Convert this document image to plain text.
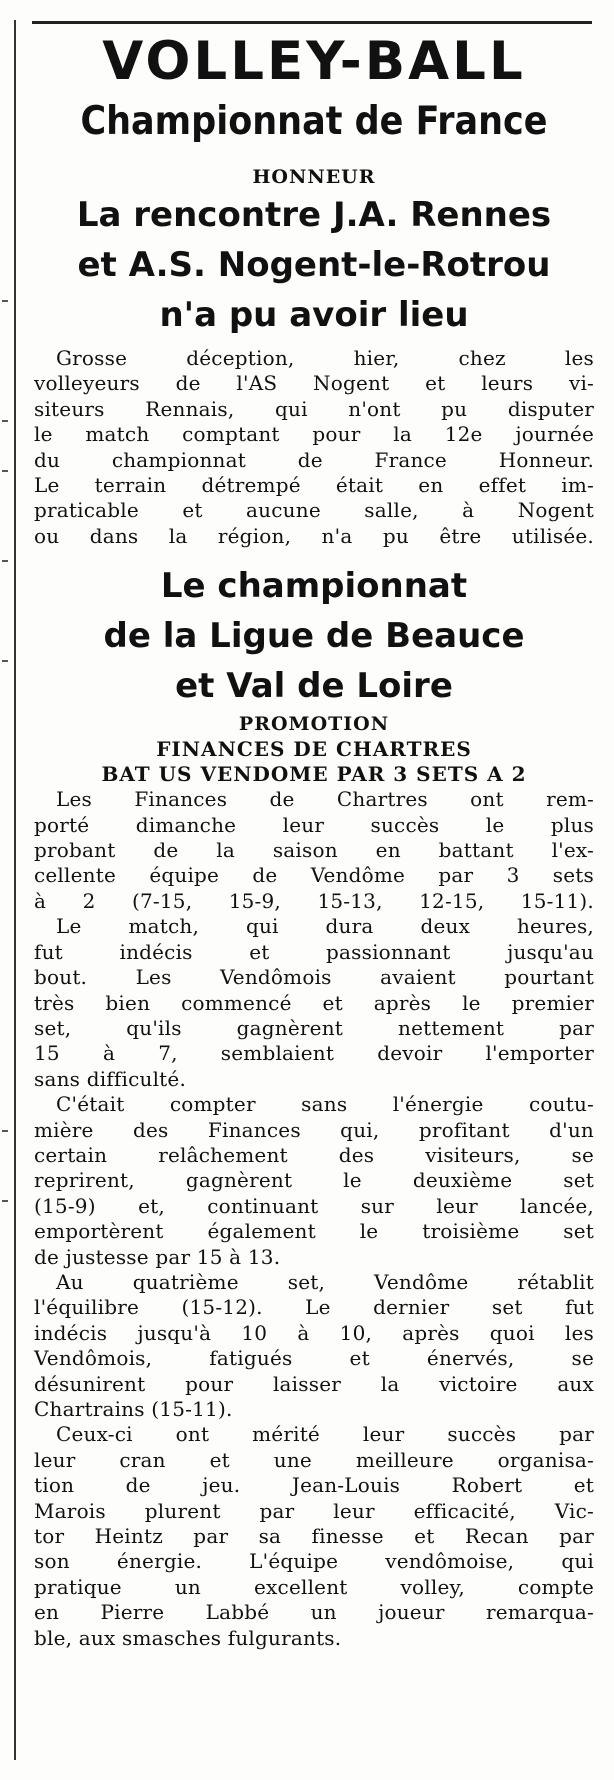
VOLLEY-BALL
Championnat de France

HONNEUR

La rencontre J.A. Rennes
et A.S. Nogent-le-Rotrou
n'a pu avoir lieu
Grosse déception, hier, chez les
volleyeurs de l'AS Nogent et leurs vi-
siteurs Rennais, qui n'ont pu disputer
le match comptant pour la 12e journée
du championnat de France Honneur.
Le terrain détrempé était en effet im-
praticable et aucune salle, à Nogent
ou dans la région, n'a pu être utilisée.
Le championnat
de la Ligue de Beauce
et Val de Loire

PROMOTION

FINANCES DE CHARTRES

BAT US VENDOME PAR 3 SETS A 2

Les Finances de Chartres ont rem-
porté dimanche leur succès le plus
probant de la saison en battant l'ex-
cellente équipe de Vendôme par 3 sets
à 2 (7-15, 15-9, 15-13, 12-15, 15-11).
Le match, qui dura deux heures,
fut indécis et passionnant jusqu'au
bout. Les Vendômois avaient pourtant
très bien commencé et après le premier
set, qu'ils gagnèrent nettement par
15 à 7, semblaient devoir l'emporter
sans difficulté.
C'était compter sans l'énergie coutu-
mière des Finances qui, profitant d'un
certain relâchement des visiteurs, se
reprirent, gagnèrent le deuxième set
(15-9) et, continuant sur leur lancée,
emportèrent également le troisième set
de justesse par 15 à 13.
Au quatrième set, Vendôme rétablit
l'équilibre (15-12). Le dernier set fut
indécis jusqu'à 10 à 10, après quoi les
Vendômois, fatigués et énervés, se
désunirent pour laisser la victoire aux
Chartrains (15-11).
Ceux-ci ont mérité leur succès par
leur cran et une meilleure organisa-
tion de jeu. Jean-Louis Robert et
Marois plurent par leur efficacité, Vic-
tor Heintz par sa finesse et Recan par
son énergie. L'équipe vendômoise, qui
pratique un excellent volley, compte
en Pierre Labbé un joueur remarqua-
ble, aux smasches fulgurants.
